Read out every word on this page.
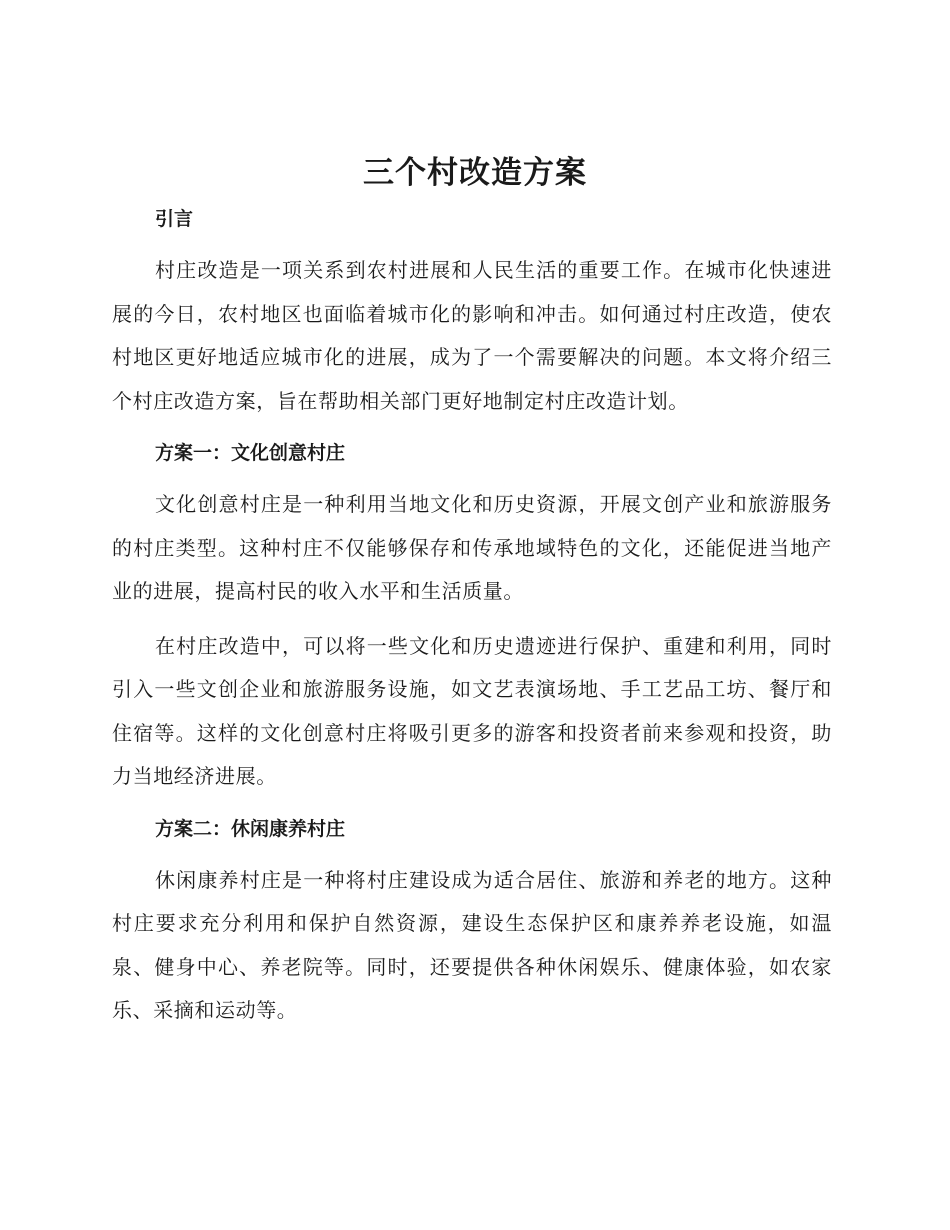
三个村改造方案
引言

村庄改造是一项关系到农村进展和人民生活的重要工作。在城市化快速进展的今日，农村地区也面临着城市化的影响和冲击。如何通过村庄改造，使农村地区更好地适应城市化的进展，成为了一个需要解决的问题。本文将介绍三个村庄改造方案，旨在帮助相关部门更好地制定村庄改造计划。

方案一：文化创意村庄

文化创意村庄是一种利用当地文化和历史资源，开展文创产业和旅游服务的村庄类型。这种村庄不仅能够保存和传承地域特色的文化，还能促进当地产业的进展，提高村民的收入水平和生活质量。

在村庄改造中，可以将一些文化和历史遗迹进行保护、重建和利用，同时引入一些文创企业和旅游服务设施，如文艺表演场地、手工艺品工坊、餐厅和住宿等。这样的文化创意村庄将吸引更多的游客和投资者前来参观和投资，助力当地经济进展。

方案二：休闲康养村庄

休闲康养村庄是一种将村庄建设成为适合居住、旅游和养老的地方。这种村庄要求充分利用和保护自然资源，建设生态保护区和康养养老设施，如温泉、健身中心、养老院等。同时，还要提供各种休闲娱乐、健康体验，如农家乐、采摘和运动等。
